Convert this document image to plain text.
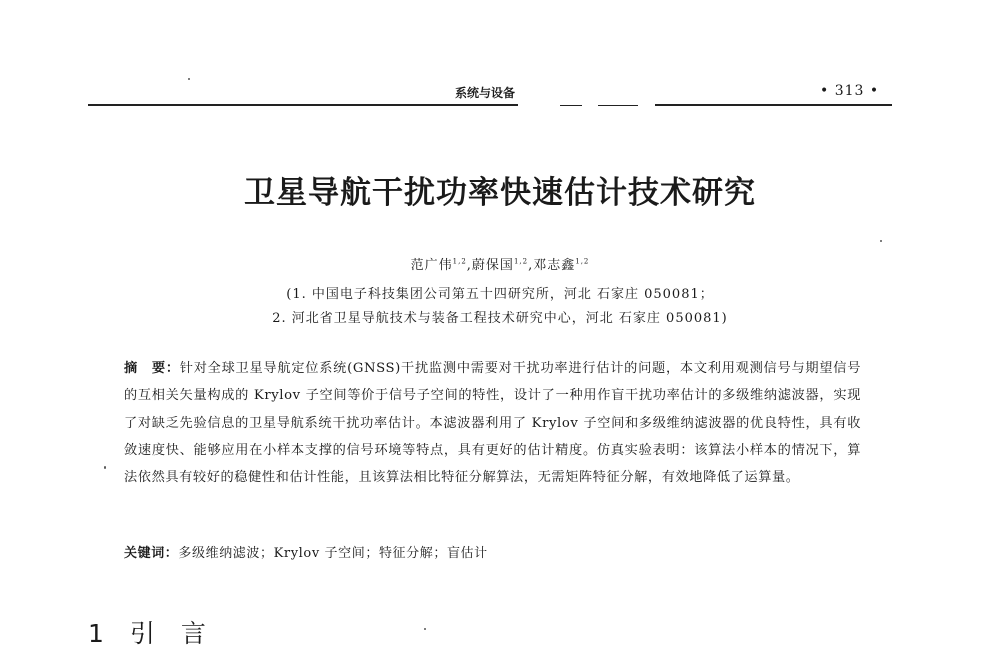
系统与设备	• 313 •
卫星导航干扰功率快速估计技术研究
范广伟$^{1,2}$,蔚保国$^{1,2}$,邓志鑫$^{1,2}$
(1. 中国电子科技集团公司第五十四研究所，河北 石家庄 050081；
2. 河北省卫星导航技术与装备工程技术研究中心，河北 石家庄 050081)
摘　要：针对全球卫星导航定位系统(GNSS)干扰监测中需要对干扰功率进行估计的问题，本文利用观测信号与期望信号的互相关矢量构成的 Krylov 子空间等价于信号子空间的特性，设计了一种用作盲干扰功率估计的多级维纳滤波器，实现了对缺乏先验信息的卫星导航系统干扰功率估计。本滤波器利用了 Krylov 子空间和多级维纳滤波器的优良特性，具有收敛速度快、能够应用在小样本支撑的信号环境等特点，具有更好的估计精度。仿真实验表明：该算法小样本的情况下，算法依然具有较好的稳健性和估计性能，且该算法相比特征分解算法，无需矩阵特征分解，有效地降低了运算量。
关键词：多级维纳滤波；Krylov 子空间；特征分解；盲估计
1 引言
